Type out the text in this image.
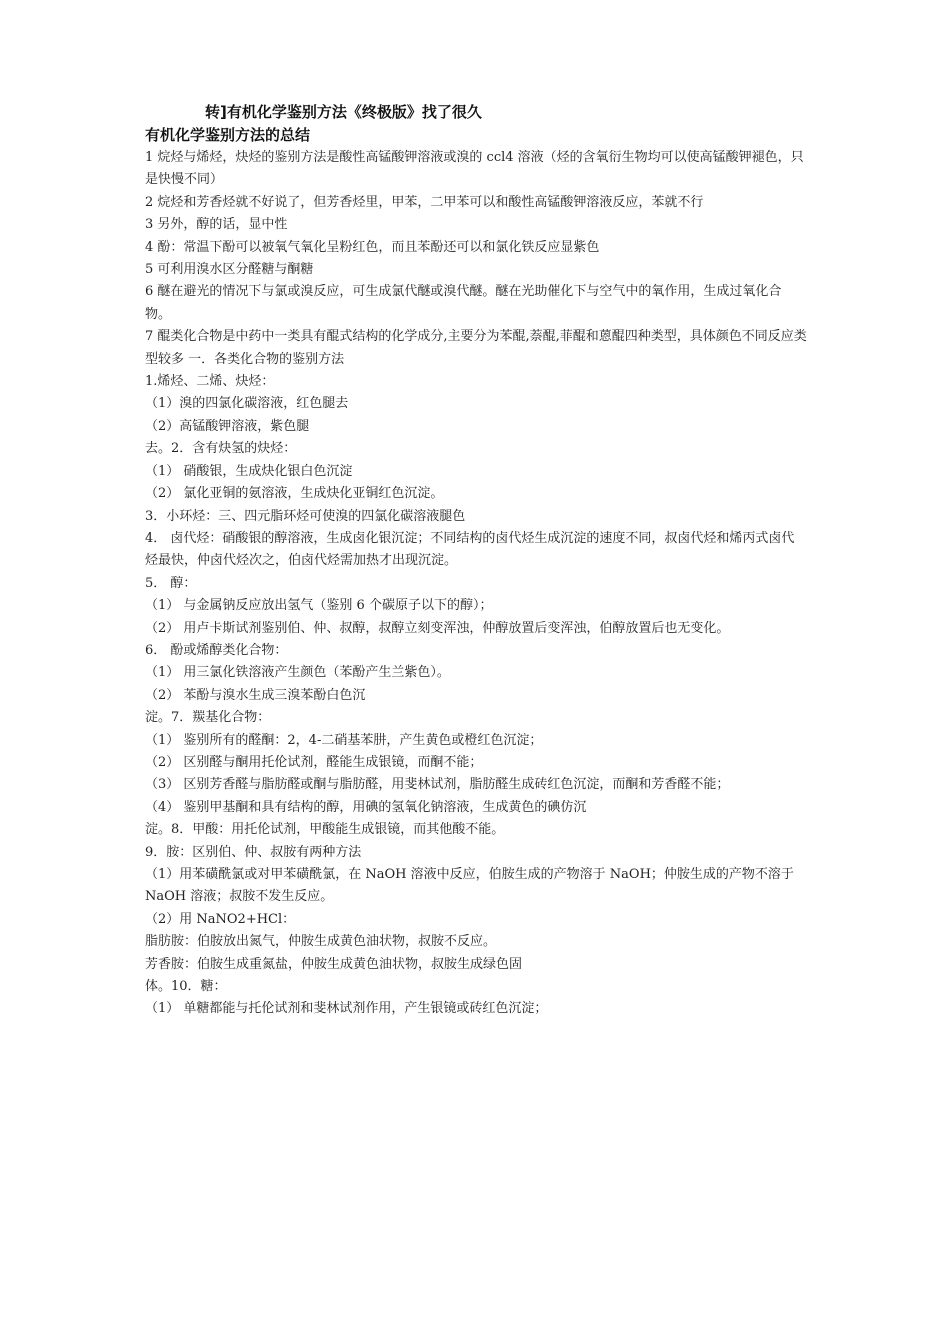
转]有机化学鉴别方法《终极版》找了很久
有机化学鉴别方法的总结

1 烷烃与烯烃，炔烃的鉴别方法是酸性高锰酸钾溶液或溴的 ccl4 溶液（烃的含氧衍生物均可以使高锰酸钾褪色，只是快慢不同）

2 烷烃和芳香烃就不好说了，但芳香烃里，甲苯，二甲苯可以和酸性高锰酸钾溶液反应，苯就不行

3 另外，醇的话，显中性

4 酚：常温下酚可以被氧气氧化呈粉红色，而且苯酚还可以和氯化铁反应显紫色

5 可利用溴水区分醛糖与酮糖

6 醚在避光的情况下与氯或溴反应，可生成氯代醚或溴代醚。醚在光助催化下与空气中的氧作用，生成过氧化合物。

7 醌类化合物是中药中一类具有醌式结构的化学成分,主要分为苯醌,萘醌,菲醌和蒽醌四种类型，具体颜色不同反应类型较多 一．各类化合物的鉴别方法

1.烯烃、二烯、炔烃：

（1）溴的四氯化碳溶液，红色腿去

（2）高锰酸钾溶液，紫色腿

去。2．含有炔氢的炔烃：

（1） 硝酸银，生成炔化银白色沉淀

（2） 氯化亚铜的氨溶液，生成炔化亚铜红色沉淀。

3．小环烃：三、四元脂环烃可使溴的四氯化碳溶液腿色

4． 卤代烃：硝酸银的醇溶液，生成卤化银沉淀；不同结构的卤代烃生成沉淀的速度不同，叔卤代烃和烯丙式卤代烃最快，仲卤代烃次之，伯卤代烃需加热才出现沉淀。

5． 醇：

（1） 与金属钠反应放出氢气（鉴别 6 个碳原子以下的醇）；

（2） 用卢卡斯试剂鉴别伯、仲、叔醇，叔醇立刻变浑浊，仲醇放置后变浑浊，伯醇放置后也无变化。

6． 酚或烯醇类化合物：

（1） 用三氯化铁溶液产生颜色（苯酚产生兰紫色）。

（2） 苯酚与溴水生成三溴苯酚白色沉

淀。7．羰基化合物：

（1） 鉴别所有的醛酮：2，4-二硝基苯肼，产生黄色或橙红色沉淀；

（2） 区别醛与酮用托伦试剂，醛能生成银镜，而酮不能；

（3） 区别芳香醛与脂肪醛或酮与脂肪醛，用斐林试剂，脂肪醛生成砖红色沉淀，而酮和芳香醛不能；

（4） 鉴别甲基酮和具有结构的醇，用碘的氢氧化钠溶液，生成黄色的碘仿沉

淀。8．甲酸：用托伦试剂，甲酸能生成银镜，而其他酸不能。

9．胺：区别伯、仲、叔胺有两种方法

（1）用苯磺酰氯或对甲苯磺酰氯，在 NaOH 溶液中反应，伯胺生成的产物溶于 NaOH；仲胺生成的产物不溶于 NaOH 溶液；叔胺不发生反应。

（2）用 NaNO2+HCl：

脂肪胺：伯胺放出氮气，仲胺生成黄色油状物，叔胺不反应。

芳香胺：伯胺生成重氮盐，仲胺生成黄色油状物，叔胺生成绿色固

体。10．糖：

（1） 单糖都能与托伦试剂和斐林试剂作用，产生银镜或砖红色沉淀；
